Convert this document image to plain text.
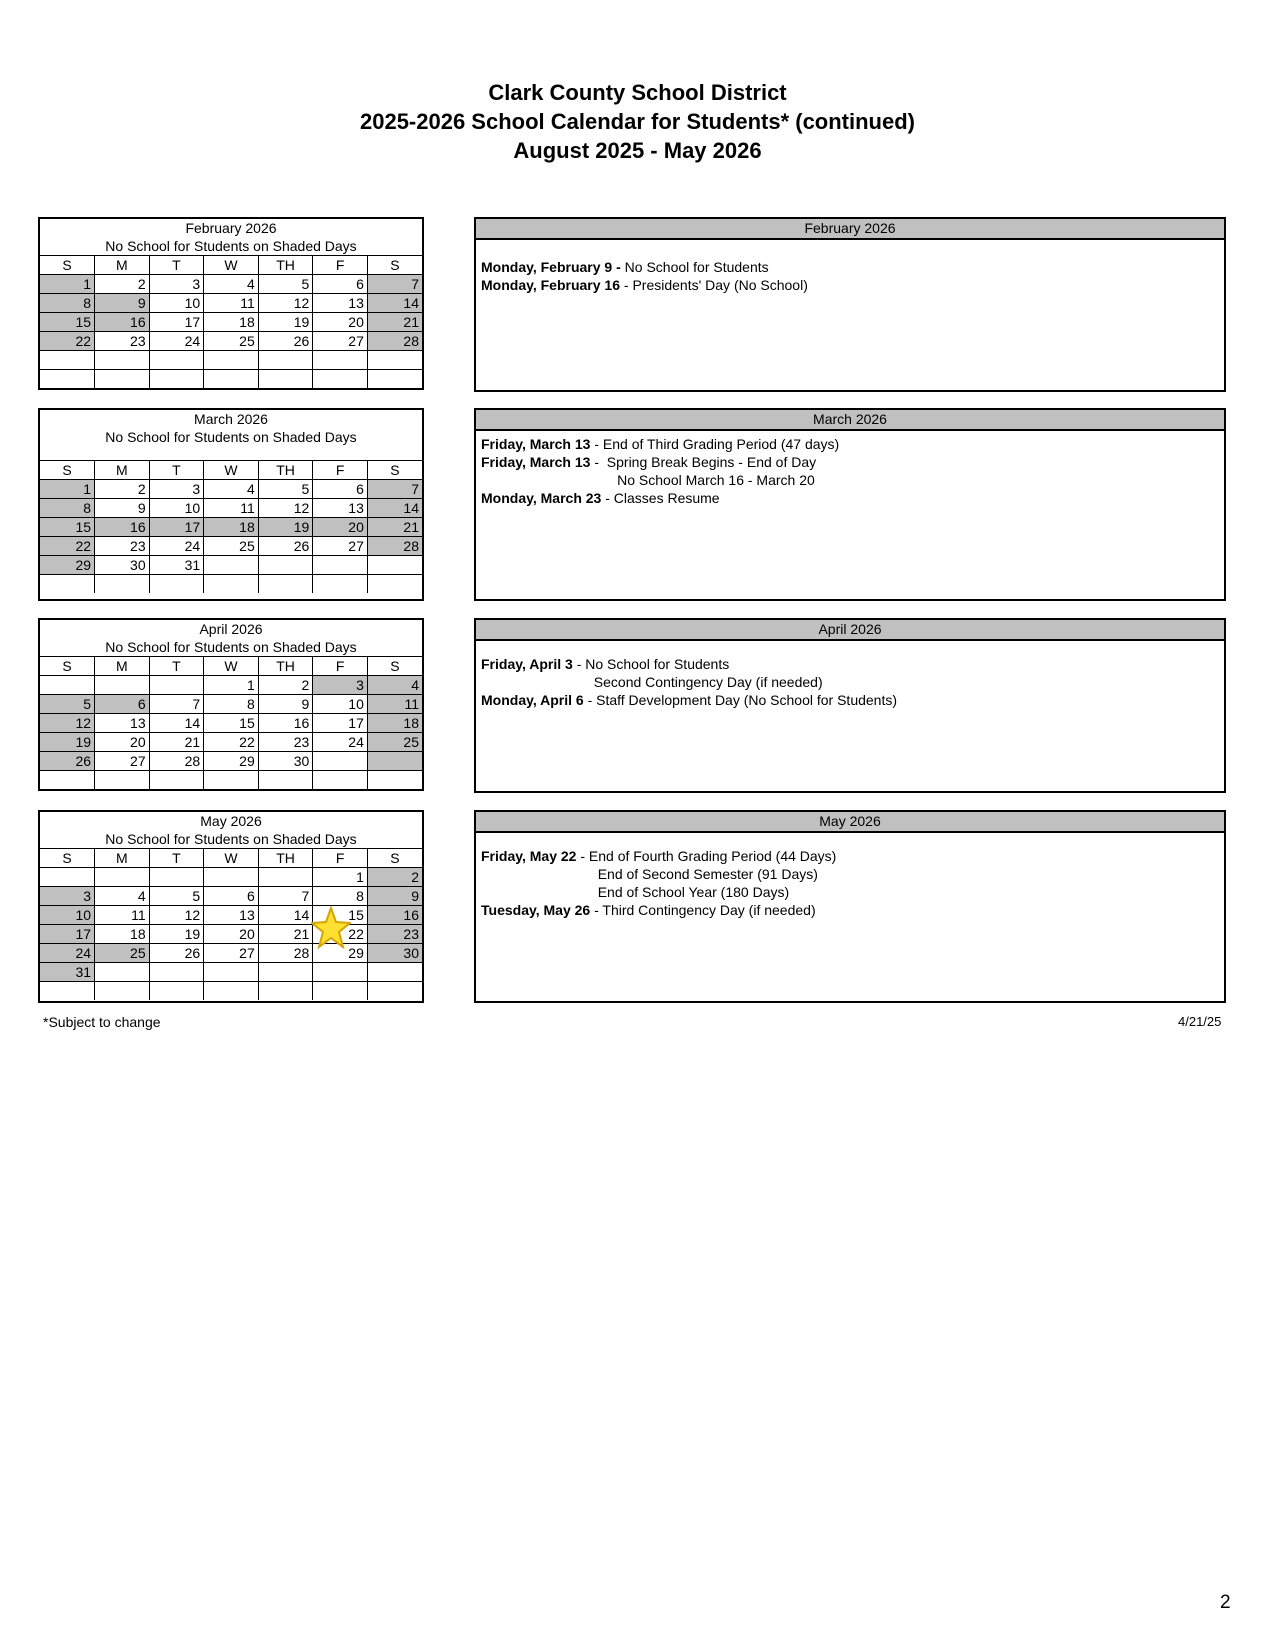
Clark County School District
2025-2026 School Calendar for Students* (continued)
August 2025 - May 2026
February 2026
No School for Students on Shaded Days
S	M	T	W	TH	F	S
1	2	3	4	5	6	7
8	9	10	11	12	13	14
15	16	17	18	19	20	21
22	23	24	25	26	27	28

March 2026
No School for Students on Shaded Days
S	M	T	W	TH	F	S
1	2	3	4	5	6	7
8	9	10	11	12	13	14
15	16	17	18	19	20	21
22	23	24	25	26	27	28
29	30	31				

April 2026
No School for Students on Shaded Days
S	M	T	W	TH	F	S
			1	2	3	4
5	6	7	8	9	10	11
12	13	14	15	16	17	18
19	20	21	22	23	24	25
26	27	28	29	30		

May 2026
No School for Students on Shaded Days
S	M	T	W	TH	F	S
					1	2
3	4	5	6	7	8	9
10	11	12	13	14	15	16
17	18	19	20	21	22	23
24	25	26	27	28	29	30
31						

February 2026
Monday, February 9 - No School for Students
Monday, February 16 - Presidents' Day (No School)
March 2026
Friday, March 13 - End of Third Grading Period (47 days)
Friday, March 13 -  Spring Break Begins - End of Day
No School March 16 - March 20
Monday, March 23 - Classes Resume
April 2026
Friday, April 3 - No School for Students
Second Contingency Day (if needed)
Monday, April 6 - Staff Development Day (No School for Students)
May 2026
Friday, May 22 - End of Fourth Grading Period (44 Days)
End of Second Semester (91 Days)
End of School Year (180 Days)
Tuesday, May 26 - Third Contingency Day (if needed)
*Subject to change	4/21/25
2
